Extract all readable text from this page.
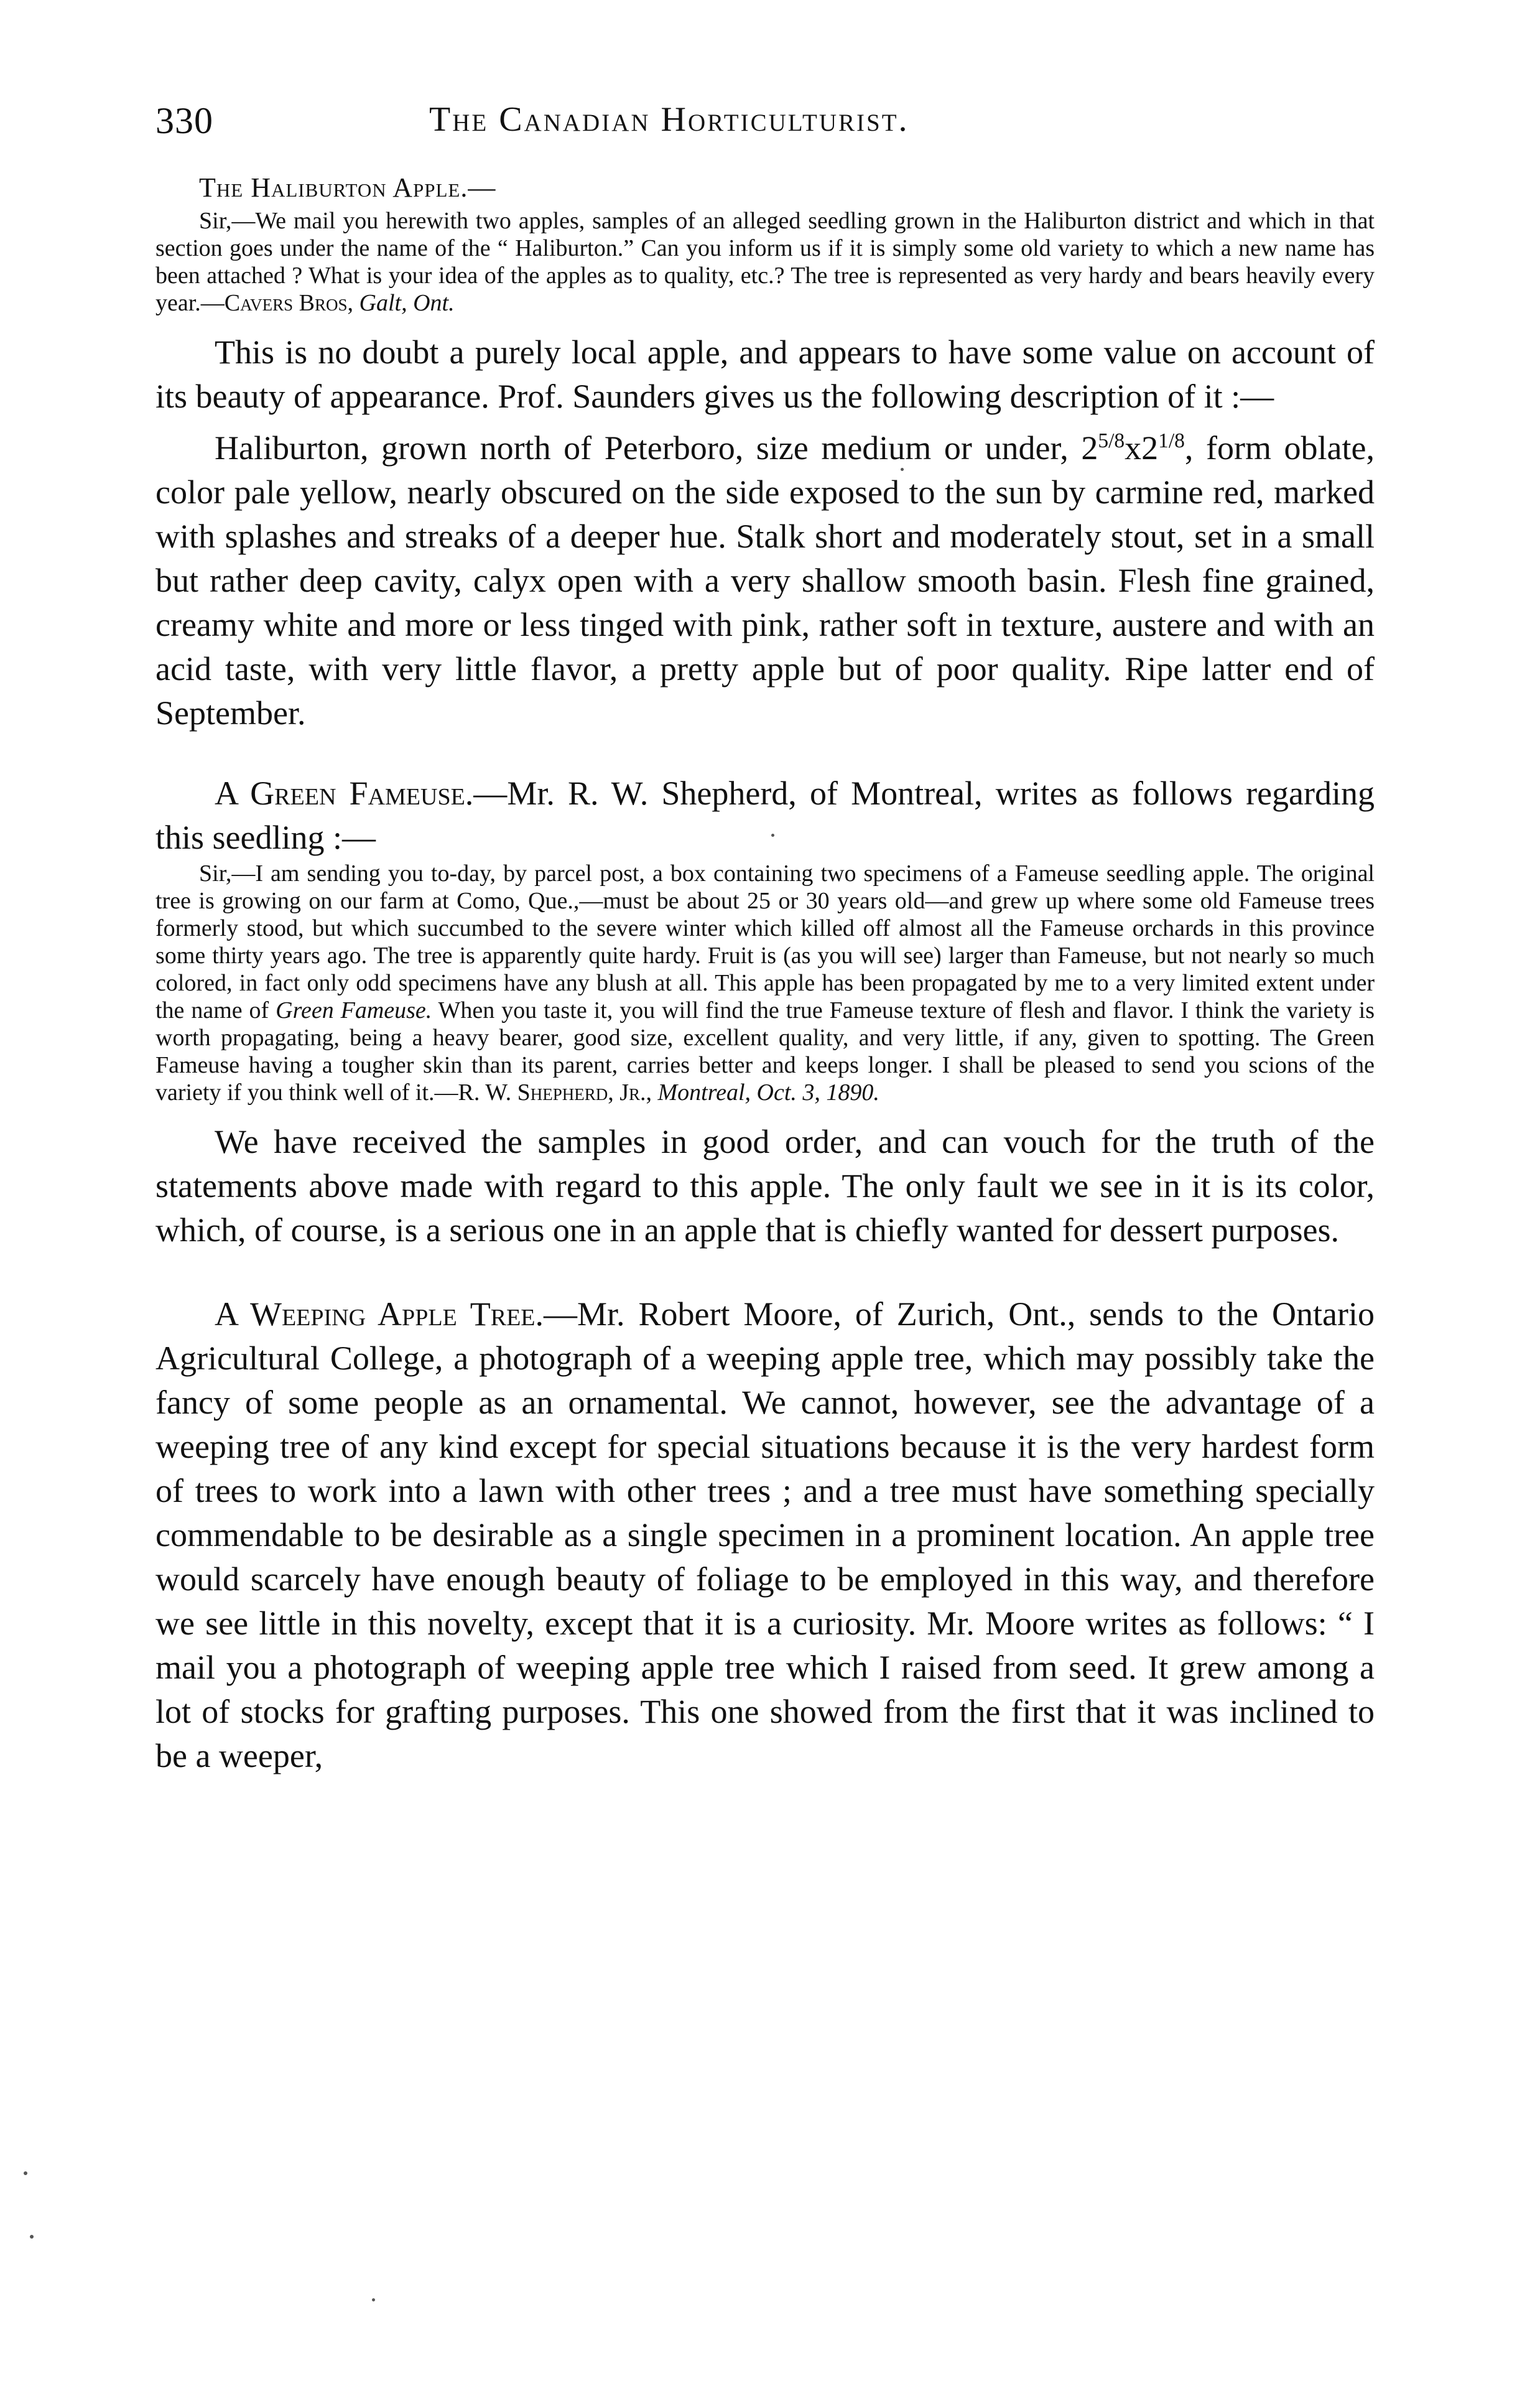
330	The Canadian Horticulturist.
The Haliburton Apple.—

Sir,—We mail you herewith two apples, samples of an alleged seedling grown in the Haliburton district and which in that section goes under the name of the “ Haliburton.” Can you inform us if it is simply some old variety to which a new name has been attached ? What is your idea of the apples as to quality, etc.? The tree is represented as very hardy and bears heavily every year.—Cavers Bros, Galt, Ont.

This is no doubt a purely local apple, and appears to have some value on account of its beauty of appearance. Prof. Saunders gives us the following description of it :—

Haliburton, grown north of Peterboro, size medium or under, $2^{5/8}x2^{1/8}$, form oblate, color pale yellow, nearly obscured on the side exposed to the sun by carmine red, marked with splashes and streaks of a deeper hue. Stalk short and moderately stout, set in a small but rather deep cavity, calyx open with a very shallow smooth basin. Flesh fine grained, creamy white and more or less tinged with pink, rather soft in texture, austere and with an acid taste, with very little flavor, a pretty apple but of poor quality. Ripe latter end of September.

A Green Fameuse.—Mr. R. W. Shepherd, of Montreal, writes as follows regarding this seedling :—

Sir,—I am sending you to-day, by parcel post, a box containing two specimens of a Fameuse seedling apple. The original tree is growing on our farm at Como, Que.,—must be about 25 or 30 years old—and grew up where some old Fameuse trees formerly stood, but which succumbed to the severe winter which killed off almost all the Fameuse orchards in this province some thirty years ago. The tree is apparently quite hardy. Fruit is (as you will see) larger than Fameuse, but not nearly so much colored, in fact only odd specimens have any blush at all. This apple has been propagated by me to a very limited extent under the name of Green Fameuse. When you taste it, you will find the true Fameuse texture of flesh and flavor. I think the variety is worth propagating, being a heavy bearer, good size, excellent quality, and very little, if any, given to spotting. The Green Fameuse having a tougher skin than its parent, carries better and keeps longer. I shall be pleased to send you scions of the variety if you think well of it.—R. W. Shepherd, Jr., Montreal, Oct. 3, 1890.

We have received the samples in good order, and can vouch for the truth of the statements above made with regard to this apple. The only fault we see in it is its color, which, of course, is a serious one in an apple that is chiefly wanted for dessert purposes.

A Weeping Apple Tree.—Mr. Robert Moore, of Zurich, Ont., sends to the Ontario Agricultural College, a photograph of a weeping apple tree, which may possibly take the fancy of some people as an ornamental. We cannot, however, see the advantage of a weeping tree of any kind except for special situations because it is the very hardest form of trees to work into a lawn with other trees ; and a tree must have something specially commendable to be desirable as a single specimen in a prominent location. An apple tree would scarcely have enough beauty of foliage to be employed in this way, and therefore we see little in this novelty, except that it is a curiosity. Mr. Moore writes as follows: “ I mail you a photograph of weeping apple tree which I raised from seed. It grew among a lot of stocks for grafting purposes. This one showed from the first that it was inclined to be a weeper,
